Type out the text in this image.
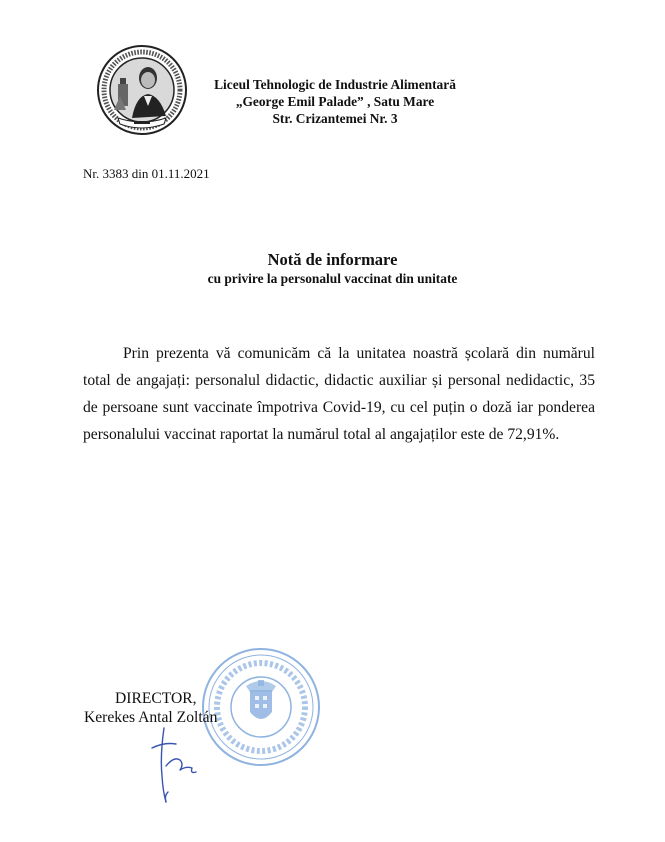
Liceul Tehnologic de Industrie Alimentară
„George Emil Palade” , Satu Mare
Str. Crizantemei Nr. 3
Nr. 3383 din 01.11.2021
Notă de informare
cu privire la personalul vaccinat din unitate

Prin prezenta vă comunicăm că la unitatea noastră școlară din numărul total de angajați: personalul didactic, didactic auxiliar și personal nedidactic, 35 de persoane sunt vaccinate împotriva Covid-19, cu cel puțin o doză iar ponderea personalului vaccinat raportat la numărul total al angajaților este de 72,91%.

DIRECTOR,
Kerekes Antal Zoltán
